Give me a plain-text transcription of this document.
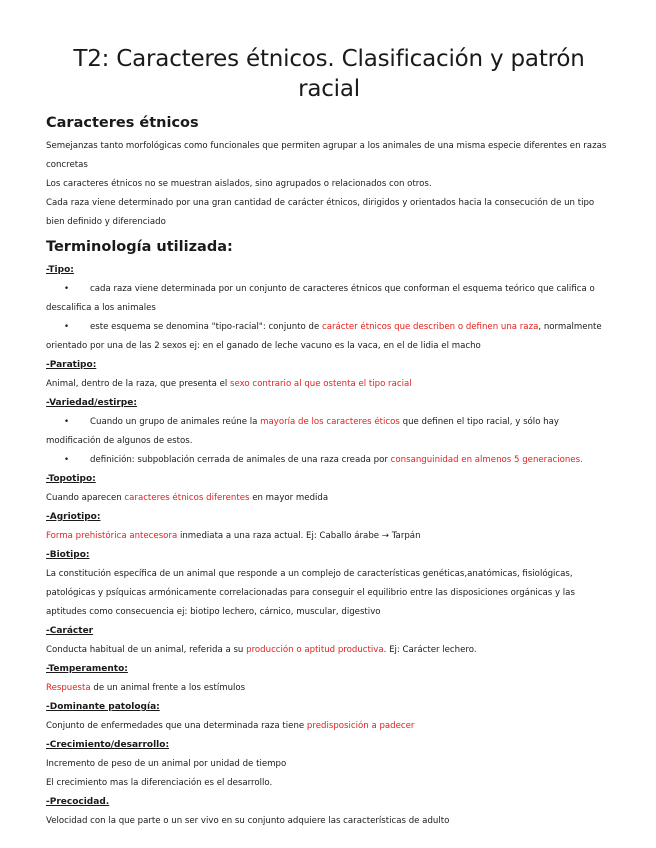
T2: Caracteres étnicos. Clasificación y patrón racial
Caracteres étnicos

Semejanzas tanto morfológicas como funcionales que permiten agrupar a los animales de una misma especie diferentes en razas

concretas

Los caracteres étnicos no se muestran aislados, sino agrupados o relacionados con otros.

Cada raza viene determinado por una gran cantidad de carácter étnicos, dirigidos y orientados hacia la consecución de un tipo

bien definido y diferenciado

Terminología utilizada:

-Tipo:

• cada raza viene determinada por un conjunto de caracteres étnicos que conforman el esquema teórico que califica o
descalifica a los animales
• este esquema se denomina "tipo-racial": conjunto de carácter étnicos que describen o definen una raza, normalmente
orientado por una de las 2 sexos ej: en el ganado de leche vacuno es la vaca, en el de lidia el macho

-Paratipo:

Animal, dentro de la raza, que presenta el sexo contrario al que ostenta el tipo racial

-Variedad/estirpe:

• Cuando un grupo de animales reúne la mayoría de los caracteres éticos que definen el tipo racial, y sólo hay
modificación de algunos de estos.
• definición: subpoblación cerrada de animales de una raza creada por consanguinidad en almenos 5 generaciones.

-Topotipo:

Cuando aparecen caracteres étnicos diferentes en mayor medida

-Agriotipo:

Forma prehistórica antecesora inmediata a una raza actual. Ej: Caballo árabe → Tarpán

-Biotipo:

La constitución específica de un animal que responde a un complejo de características genéticas,anatómicas, fisiológicas,

patológicas y psíquicas armónicamente correlacionadas para conseguir el equilibrio entre las disposiciones orgánicas y las

aptitudes como consecuencia ej: biotipo lechero, cárnico, muscular, digestivo

-Carácter

Conducta habitual de un animal, referida a su producción o aptitud productiva. Ej: Carácter lechero.

-Temperamento:

Respuesta de un animal frente a los estímulos

-Dominante patología:

Conjunto de enfermedades que una determinada raza tiene predisposición a padecer

-Crecimiento/desarrollo:

Incremento de peso de un animal por unidad de tiempo

El crecimiento mas la diferenciación es el desarrollo.

-Precocidad.

Velocidad con la que parte o un ser vivo en su conjunto adquiere las características de adulto
